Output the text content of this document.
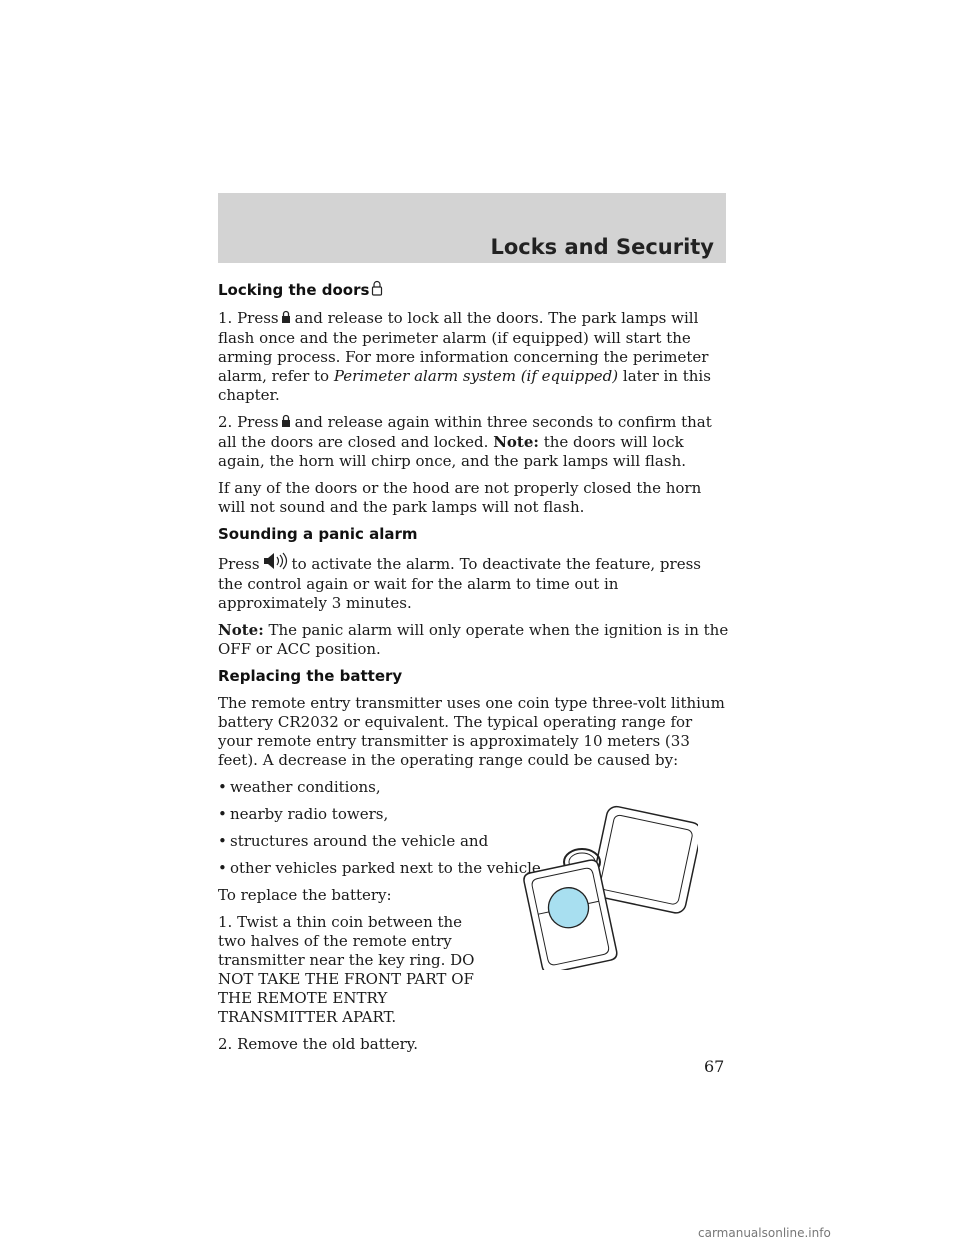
Locks and Security
Locking the doors

1. Press and release to lock all the doors. The park lamps will flash once and the perimeter alarm (if equipped) will start the arming process. For more information concerning the perimeter alarm, refer to Perimeter alarm system (if equipped) later in this chapter.

2. Press and release again within three seconds to confirm that all the doors are closed and locked. Note: the doors will lock again, the horn will chirp once, and the park lamps will flash.

If any of the doors or the hood are not properly closed the horn will not sound and the park lamps will not flash.

Sounding a panic alarm

Press to activate the alarm. To deactivate the feature, press the control again or wait for the alarm to time out in approximately 3 minutes.

Note: The panic alarm will only operate when the ignition is in the OFF or ACC position.

Replacing the battery

The remote entry transmitter uses one coin type three-volt lithium battery CR2032 or equivalent. The typical operating range for your remote entry transmitter is approximately 10 meters (33 feet). A decrease in the operating range could be caused by:

• weather conditions,
• nearby radio towers,
• structures around the vehicle and
• other vehicles parked next to the vehicle.

To replace the battery:

1. Twist a thin coin between the two halves of the remote entry transmitter near the key ring. DO NOT TAKE THE FRONT PART OF THE REMOTE ENTRY TRANSMITTER APART.

2. Remove the old battery.

67
carmanualsonline.info
